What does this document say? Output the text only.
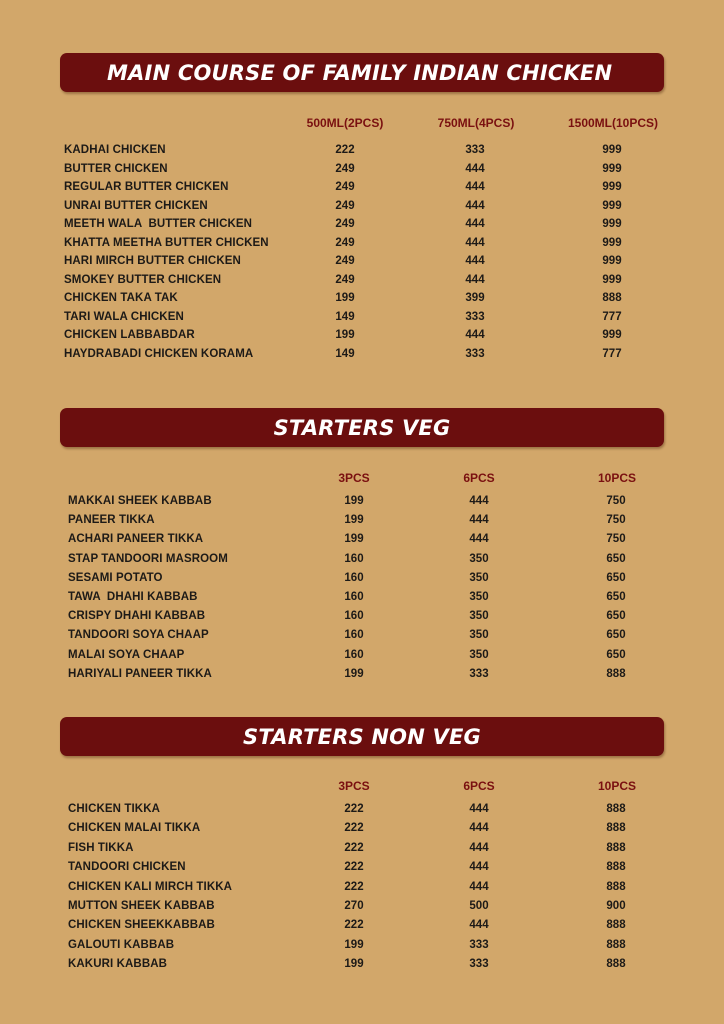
MAIN COURSE OF FAMILY INDIAN CHICKEN
500ML(2PCS)	750ML(4PCS)	1500ML(10PCS)
KADHAI CHICKEN	222	333	999
BUTTER CHICKEN	249	444	999
REGULAR BUTTER CHICKEN	249	444	999
UNRAI BUTTER CHICKEN	249	444	999
MEETH WALA  BUTTER CHICKEN	249	444	999
KHATTA MEETHA BUTTER CHICKEN	249	444	999
HARI MIRCH BUTTER CHICKEN	249	444	999
SMOKEY BUTTER CHICKEN	249	444	999
CHICKEN TAKA TAK	199	399	888
TARI WALA CHICKEN	149	333	777
CHICKEN LABBABDAR	199	444	999
HAYDRABADI CHICKEN KORAMA	149	333	777
STARTERS VEG
3PCS	6PCS	10PCS
MAKKAI SHEEK KABBAB	199	444	750
PANEER TIKKA	199	444	750
ACHARI PANEER TIKKA	199	444	750
STAP TANDOORI MASROOM	160	350	650
SESAMI POTATO	160	350	650
TAWA  DHAHI KABBAB	160	350	650
CRISPY DHAHI KABBAB	160	350	650
TANDOORI SOYA CHAAP	160	350	650
MALAI SOYA CHAAP	160	350	650
HARIYALI PANEER TIKKA	199	333	888
STARTERS NON VEG
3PCS	6PCS	10PCS
CHICKEN TIKKA	222	444	888
CHICKEN MALAI TIKKA	222	444	888
FISH TIKKA	222	444	888
TANDOORI CHICKEN	222	444	888
CHICKEN KALI MIRCH TIKKA	222	444	888
MUTTON SHEEK KABBAB	270	500	900
CHICKEN SHEEKKABBAB	222	444	888
GALOUTI KABBAB	199	333	888
KAKURI KABBAB	199	333	888
